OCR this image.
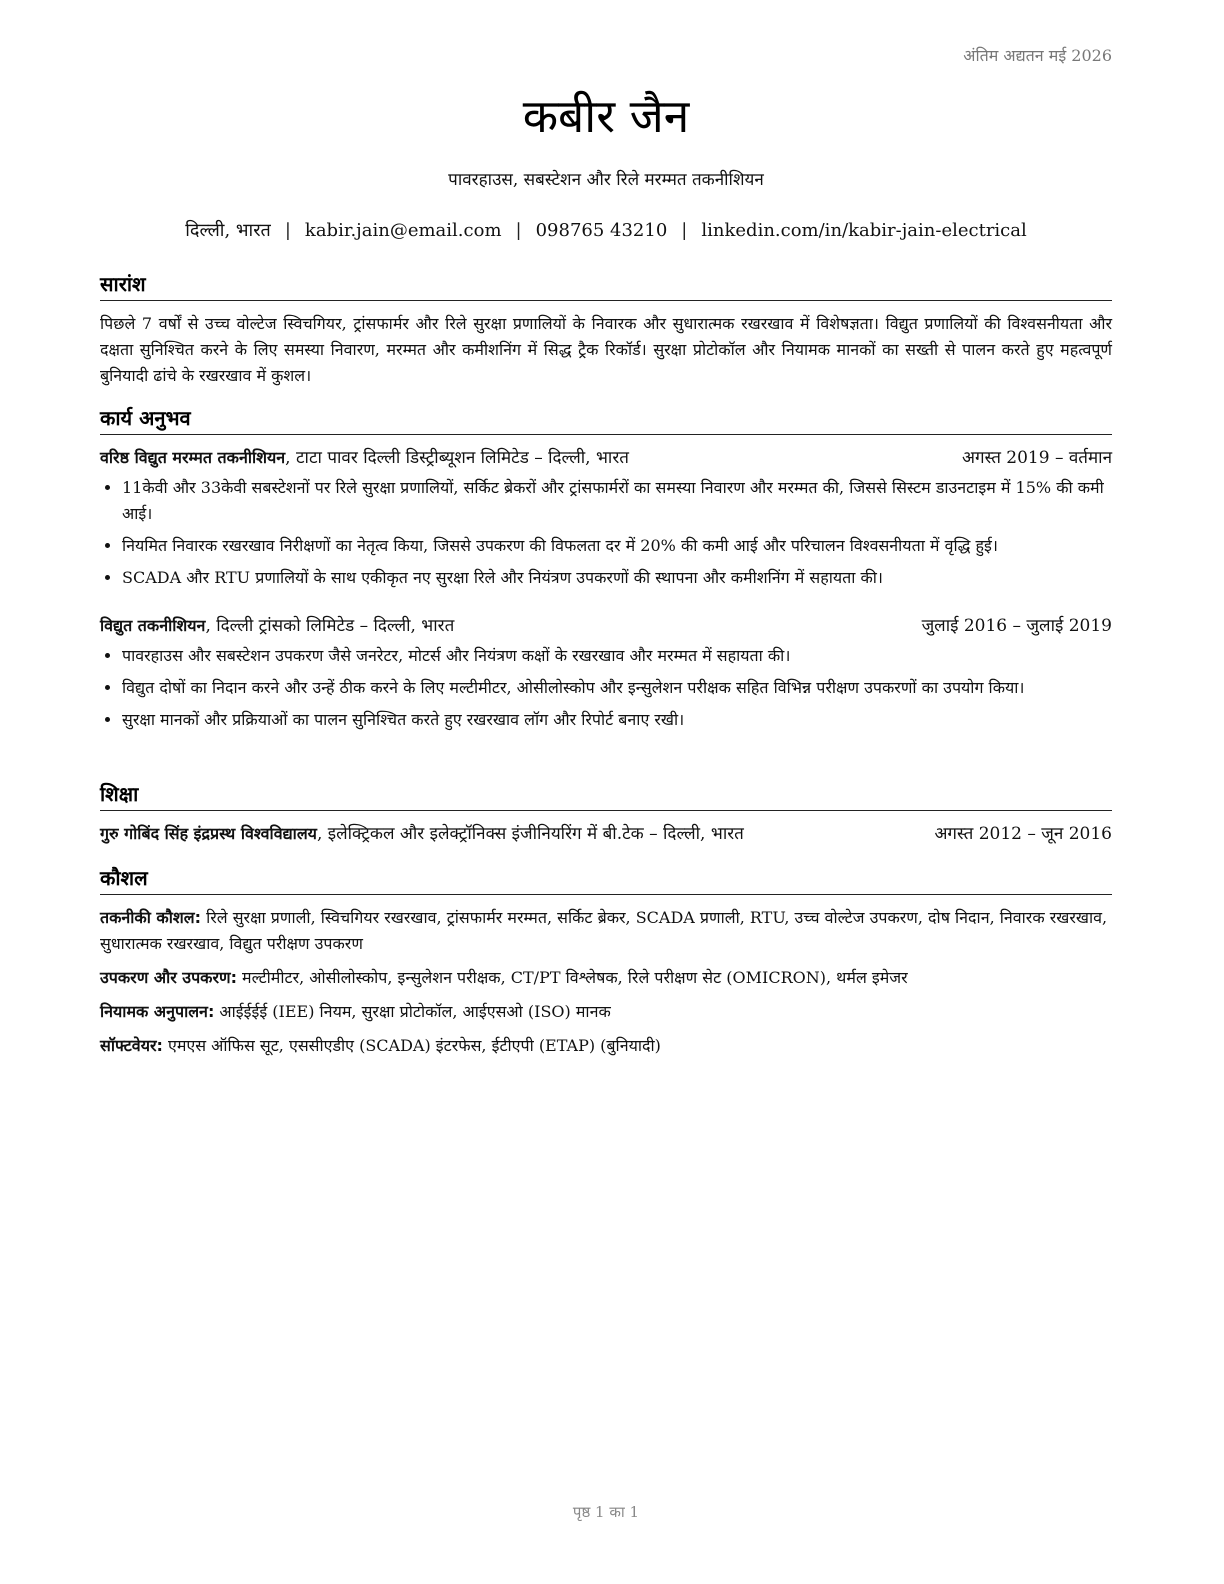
अंतिम अद्यतन मई 2026
कबीर जैन
पावरहाउस, सबस्टेशन और रिले मरम्मत तकनीशियन
दिल्ली, भारत | kabir.jain@email.com | 098765 43210 | linkedin.com/in/kabir-jain-electrical
सारांश

पिछले 7 वर्षों से उच्च वोल्टेज स्विचगियर, ट्रांसफार्मर और रिले सुरक्षा प्रणालियों के निवारक और सुधारात्मक रखरखाव में विशेषज्ञता। विद्युत प्रणालियों की विश्वसनीयता और दक्षता सुनिश्चित करने के लिए समस्या निवारण, मरम्मत और कमीशनिंग में सिद्ध ट्रैक रिकॉर्ड। सुरक्षा प्रोटोकॉल और नियामक मानकों का सख्ती से पालन करते हुए महत्वपूर्ण बुनियादी ढांचे के रखरखाव में कुशल।

कार्य अनुभव
वरिष्ठ विद्युत मरम्मत तकनीशियन, टाटा पावर दिल्ली डिस्ट्रीब्यूशन लिमिटेड – दिल्ली, भारत	अगस्त 2019 – वर्तमान
• 11केवी और 33केवी सबस्टेशनों पर रिले सुरक्षा प्रणालियों, सर्किट ब्रेकरों और ट्रांसफार्मरों का समस्या निवारण और मरम्मत की, जिससे सिस्टम डाउनटाइम में 15% की कमी आई।
• नियमित निवारक रखरखाव निरीक्षणों का नेतृत्व किया, जिससे उपकरण की विफलता दर में 20% की कमी आई और परिचालन विश्वसनीयता में वृद्धि हुई।
• SCADA और RTU प्रणालियों के साथ एकीकृत नए सुरक्षा रिले और नियंत्रण उपकरणों की स्थापना और कमीशनिंग में सहायता की।
विद्युत तकनीशियन, दिल्ली ट्रांसको लिमिटेड – दिल्ली, भारत	जुलाई 2016 – जुलाई 2019
• पावरहाउस और सबस्टेशन उपकरण जैसे जनरेटर, मोटर्स और नियंत्रण कक्षों के रखरखाव और मरम्मत में सहायता की।
• विद्युत दोषों का निदान करने और उन्हें ठीक करने के लिए मल्टीमीटर, ओसीलोस्कोप और इन्सुलेशन परीक्षक सहित विभिन्न परीक्षण उपकरणों का उपयोग किया।
• सुरक्षा मानकों और प्रक्रियाओं का पालन सुनिश्चित करते हुए रखरखाव लॉग और रिपोर्ट बनाए रखी।
शिक्षा
गुरु गोबिंद सिंह इंद्रप्रस्थ विश्वविद्यालय, इलेक्ट्रिकल और इलेक्ट्रॉनिक्स इंजीनियरिंग में बी.टेक – दिल्ली, भारत	अगस्त 2012 – जून 2016
कौशल

तकनीकी कौशल: रिले सुरक्षा प्रणाली, स्विचगियर रखरखाव, ट्रांसफार्मर मरम्मत, सर्किट ब्रेकर, SCADA प्रणाली, RTU, उच्च वोल्टेज उपकरण, दोष निदान, निवारक रखरखाव, सुधारात्मक रखरखाव, विद्युत परीक्षण उपकरण

उपकरण और उपकरण: मल्टीमीटर, ओसीलोस्कोप, इन्सुलेशन परीक्षक, CT/PT विश्लेषक, रिले परीक्षण सेट (OMICRON), थर्मल इमेजर

नियामक अनुपालन: आईईईई (IEE) नियम, सुरक्षा प्रोटोकॉल, आईएसओ (ISO) मानक

सॉफ्टवेयर: एमएस ऑफिस सूट, एससीएडीए (SCADA) इंटरफेस, ईटीएपी (ETAP) (बुनियादी)

पृष्ठ 1 का 1
